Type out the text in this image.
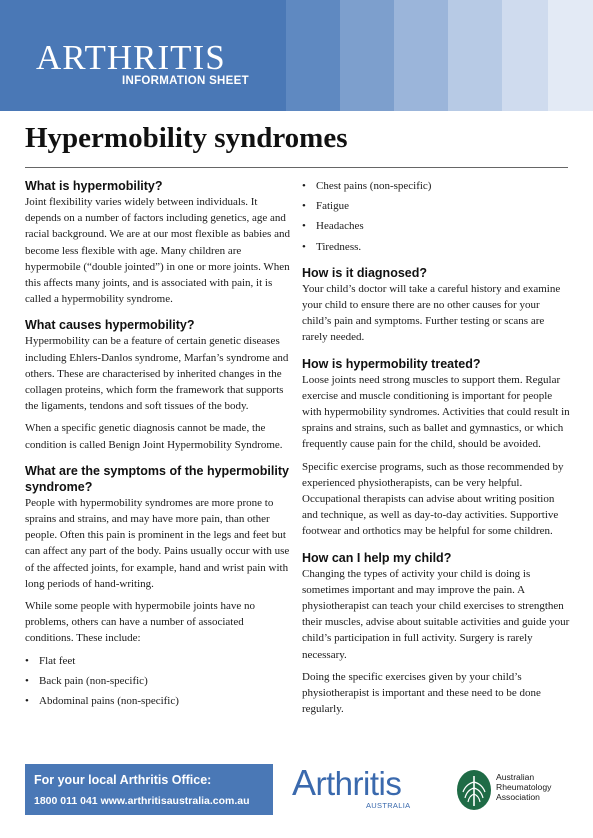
ARTHRITIS
INFORMATION SHEET
Hypermobility syndromes
What is hypermobility?

Joint flexibility varies widely between individuals. It depends on a number of factors including genetics, age and racial background. We are at our most flexible as babies and become less flexible with age. Many children are hypermobile (“double jointed”) in one or more joints. When this affects many joints, and is associated with pain, it is called a hypermobility syndrome.

What causes hypermobility?

Hypermobility can be a feature of certain genetic diseases including Ehlers-Danlos syndrome, Marfan’s syndrome and others. These are characterised by inherited changes in the collagen proteins, which form the framework that supports the ligaments, tendons and soft tissues of the body.

When a specific genetic diagnosis cannot be made, the condition is called Benign Joint Hypermobility Syndrome.

What are the symptoms of the hypermobility syndrome?

People with hypermobility syndromes are more prone to sprains and strains, and may have more pain, than other people. Often this pain is prominent in the legs and feet but can affect any part of the body. Pains usually occur with use of the affected joints, for example, hand and wrist pain with long periods of hand-writing.

While some people with hypermobile joints have no problems, others can have a number of associated conditions. These include:

• Flat feet
• Back pain (non-specific)
• Abdominal pains (non-specific)
• Chest pains (non-specific)
• Fatigue
• Headaches
• Tiredness.
How is it diagnosed?

Your child’s doctor will take a careful history and examine your child to ensure there are no other causes for your child’s pain and symptoms. Further testing or scans are rarely needed.

How is hypermobility treated?

Loose joints need strong muscles to support them. Regular exercise and muscle conditioning is important for people with hypermobility syndromes. Activities that could result in sprains and strains, such as ballet and gymnastics, or which frequently cause pain for the child, should be avoided.

Specific exercise programs, such as those recommended by experienced physiotherapists, can be very helpful. Occupational therapists can advise about writing position and technique, as well as day-to-day activities. Supportive footwear and orthotics may be helpful for some children.

How can I help my child?

Changing the types of activity your child is doing is sometimes important and may improve the pain. A physiotherapist can teach your child exercises to strengthen their muscles, advise about suitable activities and guide your child’s participation in full activity. Surgery is rarely necessary.

Doing the specific exercises given by your child’s physiotherapist is important and these need to be done regularly.

For your local Arthritis Office:
1800 011 041 www.arthritisaustralia.com.au Arthritis
AUSTRALIA
Australian
Rheumatology
Association
